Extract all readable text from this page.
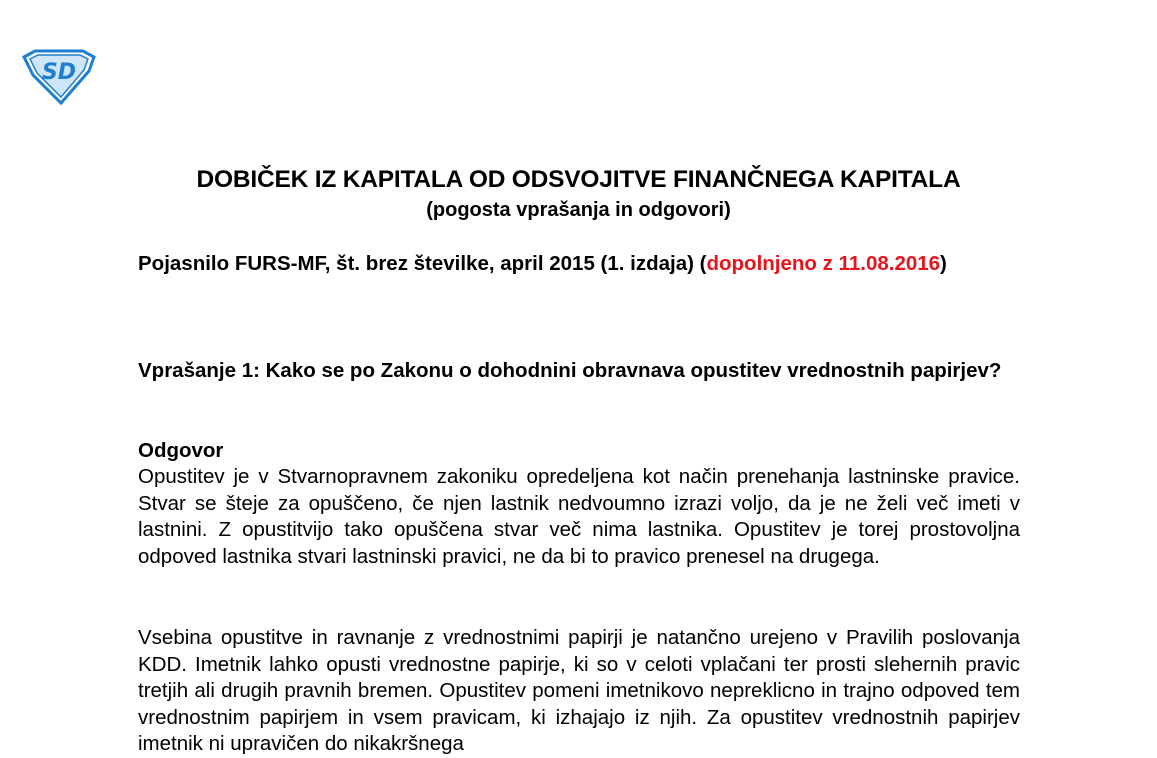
SD
DOBIČEK IZ KAPITALA OD ODSVOJITVE FINANČNEGA KAPITALA
(pogosta vprašanja in odgovori)
Pojasnilo FURS-MF, št. brez številke, april 2015 (1. izdaja) (dopolnjeno z 11.08.2016)
Vprašanje 1: Kako se po Zakonu o dohodnini obravnava opustitev vrednostnih papirjev?
Odgovor
Opustitev je v Stvarnopravnem zakoniku opredeljena kot način prenehanja lastninske pravice. Stvar se šteje za opuščeno, če njen lastnik nedvoumno izrazi voljo, da je ne želi več imeti v lastnini. Z opustitvijo tako opuščena stvar več nima lastnika. Opustitev je torej prostovoljna odpoved lastnika stvari lastninski pravici, ne da bi to pravico prenesel na drugega.
Vsebina opustitve in ravnanje z vrednostnimi papirji je natančno urejeno v Pravilih poslovanja KDD. Imetnik lahko opusti vrednostne papirje, ki so v celoti vplačani ter prosti slehernih pravic tretjih ali drugih pravnih bremen. Opustitev pomeni imetnikovo nepreklicno in trajno odpoved tem vrednostnim papirjem in vsem pravicam, ki izhajajo iz njih. Za opustitev vrednostnih papirjev imetnik ni upravičen do nikakršnega
